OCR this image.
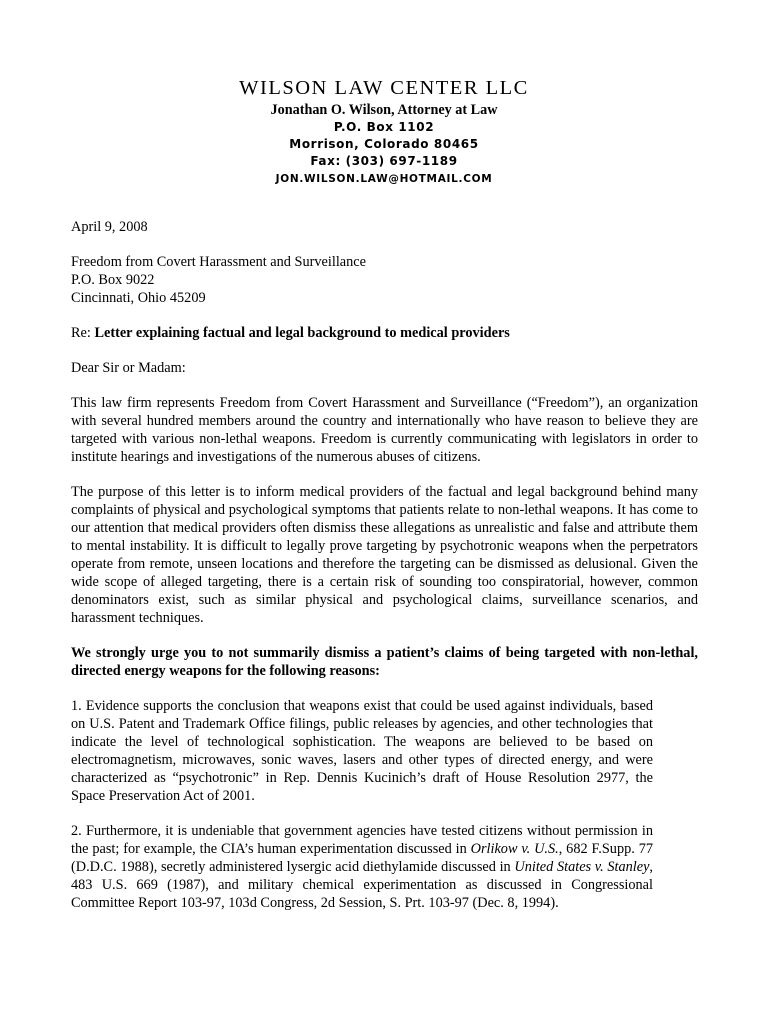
WILSON LAW CENTER LLC
Jonathan O. Wilson, Attorney at Law
P.O. Box 1102
Morrison, Colorado 80465
Fax: (303) 697-1189
JON.WILSON.LAW@HOTMAIL.COM

April 9, 2008

Freedom from Covert Harassment and Surveillance

P.O. Box 9022

Cincinnati, Ohio 45209

Re: Letter explaining factual and legal background to medical providers

Dear Sir or Madam:

This law firm represents Freedom from Covert Harassment and Surveillance (“Freedom”), an organization with several hundred members around the country and internationally who have reason to believe they are targeted with various non-lethal weapons. Freedom is currently communicating with legislators in order to institute hearings and investigations of the numerous abuses of citizens.

The purpose of this letter is to inform medical providers of the factual and legal background behind many complaints of physical and psychological symptoms that patients relate to non-lethal weapons. It has come to our attention that medical providers often dismiss these allegations as unrealistic and false and attribute them to mental instability. It is difficult to legally prove targeting by psychotronic weapons when the perpetrators operate from remote, unseen locations and therefore the targeting can be dismissed as delusional. Given the wide scope of alleged targeting, there is a certain risk of sounding too conspiratorial, however, common denominators exist, such as similar physical and psychological claims, surveillance scenarios, and harassment techniques.

We strongly urge you to not summarily dismiss a patient’s claims of being targeted with non-lethal, directed energy weapons for the following reasons:

1. Evidence supports the conclusion that weapons exist that could be used against individuals, based on U.S. Patent and Trademark Office filings, public releases by agencies, and other technologies that indicate the level of technological sophistication. The weapons are believed to be based on electromagnetism, microwaves, sonic waves, lasers and other types of directed energy, and were characterized as “psychotronic” in Rep. Dennis Kucinich’s draft of House Resolution 2977, the Space Preservation Act of 2001.

2. Furthermore, it is undeniable that government agencies have tested citizens without permission in the past; for example, the CIA’s human experimentation discussed in Orlikow v. U.S., 682 F.Supp. 77 (D.D.C. 1988), secretly administered lysergic acid diethylamide discussed in United States v. Stanley, 483 U.S. 669 (1987), and military chemical experimentation as discussed in Congressional Committee Report 103-97, 103d Congress, 2d Session, S. Prt. 103-97 (Dec. 8, 1994).
